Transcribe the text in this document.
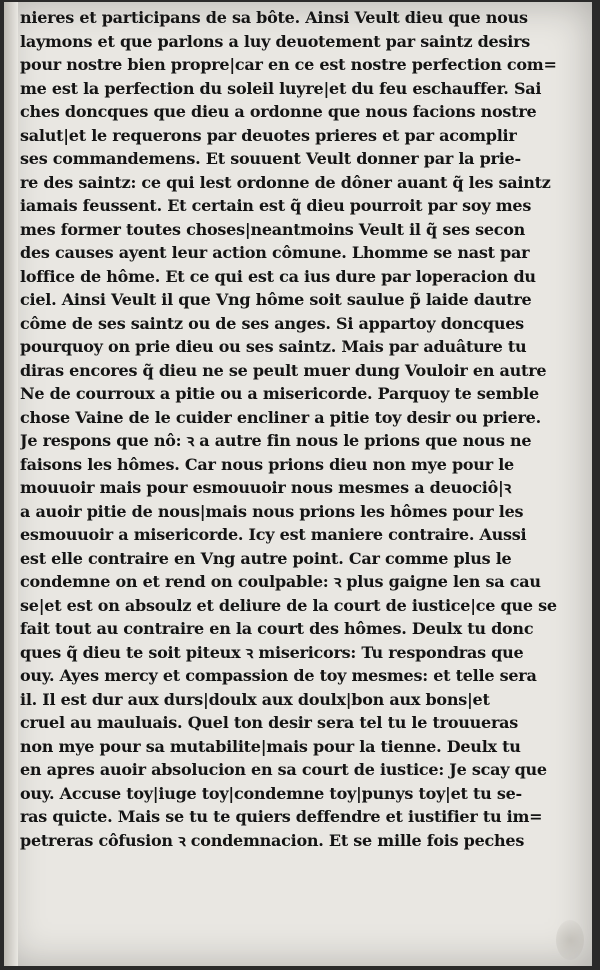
nieres et participans de sa bôte. Ainsi Veult dieu que nous
laymons et que parlons a luy deuotement par saintz desirs
pour nostre bien propre|car en ce est nostre perfection com=
me est la perfection du soleil luyre|et du feu eschauffer. Sai
ches doncques que dieu a ordonne que nous facions nostre
salut|et le requerons par deuotes prieres et par acomplir
ses commandemens. Et souuent Veult donner par la prie-
re des saintz: ce qui lest ordonne de dôner auant q̃ les saintz
iamais feussent. Et certain est q̃ dieu pourroit par soy mes
mes former toutes choses|neantmoins Veult il q̃ ses secon
des causes ayent leur action cômune. Lhomme se nast par
loffice de hôme. Et ce qui est ca ius dure par loperacion du
ciel. Ainsi Veult il que Vng hôme soit saulue p̃ laide dautre
côme de ses saintz ou de ses anges. Si appartoy doncques
pourquoy on prie dieu ou ses saintz. Mais par aduâture tu
diras encores q̃ dieu ne se peult muer dung Vouloir en autre
Ne de courroux a pitie ou a misericorde. Parquoy te semble
chose Vaine de le cuider encliner a pitie toy desir ou priere.
Je respons que nô: ꝛ a autre fin nous le prions que nous ne
faisons les hômes. Car nous prions dieu non mye pour le
mouuoir mais pour esmouuoir nous mesmes a deuociô|ꝛ
a auoir pitie de nous|mais nous prions les hômes pour les
esmouuoir a misericorde. Icy est maniere contraire. Aussi
est elle contraire en Vng autre point. Car comme plus le
condemne on et rend on coulpable: ꝛ plus gaigne len sa cau
se|et est on absoulz et deliure de la court de iustice|ce que se
fait tout au contraire en la court des hômes. Deulx tu donc
ques q̃ dieu te soit piteux ꝛ misericors: Tu respondras que
ouy. Ayes mercy et compassion de toy mesmes: et telle sera
il. Il est dur aux durs|doulx aux doulx|bon aux bons|et
cruel au mauluais. Quel ton desir sera tel tu le trouueras
non mye pour sa mutabilite|mais pour la tienne. Deulx tu
en apres auoir absolucion en sa court de iustice: Je scay que
ouy. Accuse toy|iuge toy|condemne toy|punys toy|et tu se-
ras quicte. Mais se tu te quiers deffendre et iustifier tu im=
petreras côfusion ꝛ condemnacion. Et se mille fois peches
